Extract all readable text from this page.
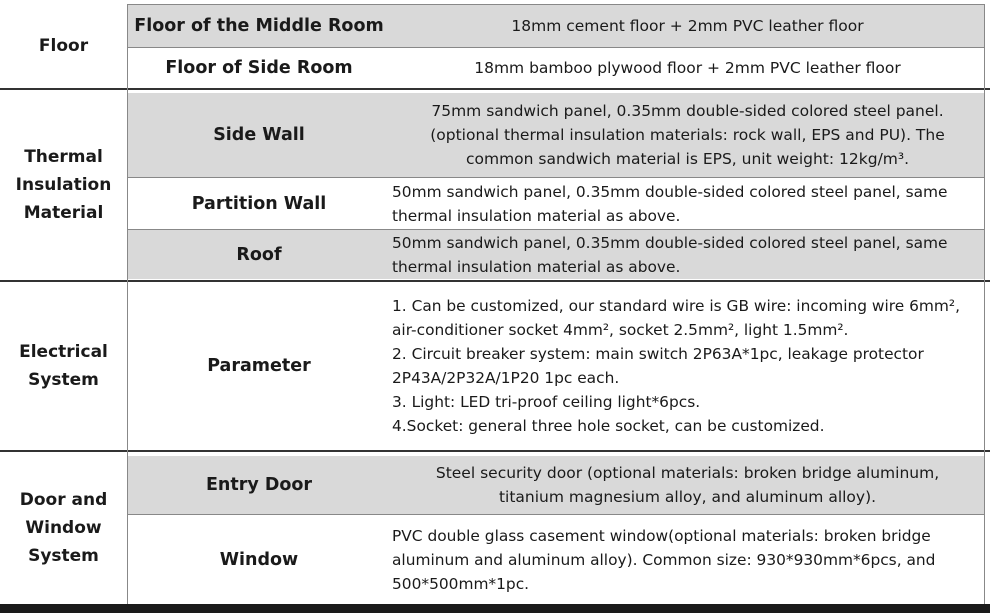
Floor
Floor of the Middle Room	18mm cement floor + 2mm PVC leather floor
Floor of Side Room	18mm bamboo plywood floor + 2mm PVC leather floor
Thermal
Insulation
Material
Side Wall
75mm sandwich panel, 0.35mm double-sided colored steel panel.
(optional thermal insulation materials: rock wall, EPS and PU). The
common sandwich material is EPS, unit weight: 12kg/m³.
Partition Wall
50mm sandwich panel, 0.35mm double-sided colored steel panel, same
thermal insulation material as above.
Roof
50mm sandwich panel, 0.35mm double-sided colored steel panel, same
thermal insulation material as above.
Electrical
System
Parameter
1. Can be customized, our standard wire is GB wire: incoming wire 6mm²,
air-conditioner socket 4mm², socket 2.5mm², light 1.5mm².
2. Circuit breaker system: main switch 2P63A*1pc, leakage protector
2P43A/2P32A/1P20 1pc each.
3. Light: LED tri-proof ceiling light*6pcs.
4.Socket: general three hole socket, can be customized.
Door and
Window
System
Entry Door
Steel security door (optional materials: broken bridge aluminum,
titanium magnesium alloy, and aluminum alloy).
Window
PVC double glass casement window(optional materials: broken bridge
aluminum and aluminum alloy). Common size: 930*930mm*6pcs, and
500*500mm*1pc.
